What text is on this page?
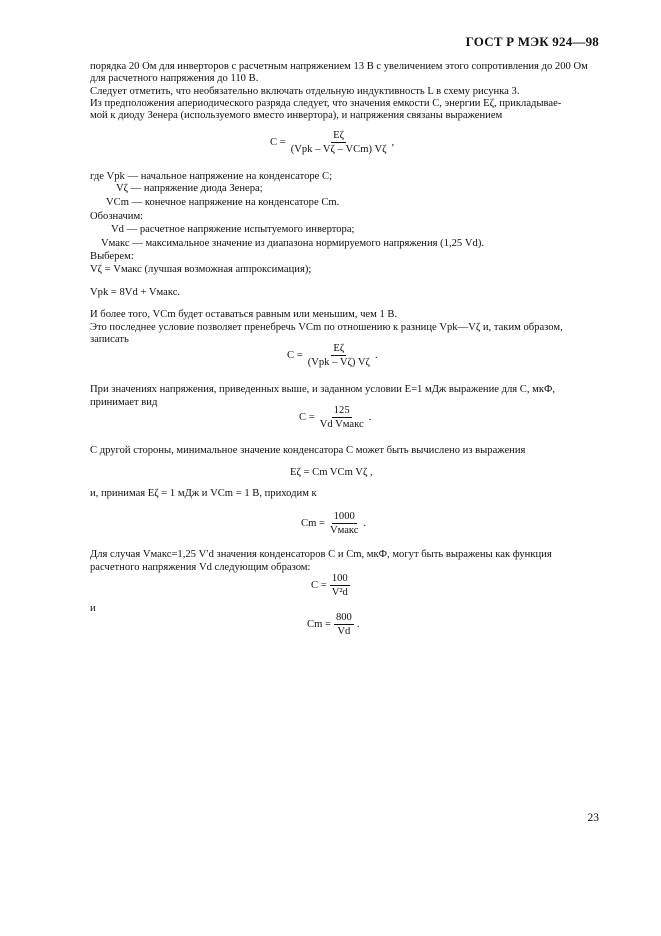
ГОСТ Р МЭК 924—98
порядка 20 Ом для инверторов с расчетным напряжением 13 В с увеличением этого сопротивления до 200 Ом
для расчетного напряжения до 110 В.
Следует отметить, что необязательно включать отдельную индуктивность L в схему рисунка 3.
Из предположения апериодического разряда следует, что значения емкости C, энергии Eζ, прикладывае-
мой к диоду Зенера (используемого вместо инвертора), и напряжения связаны выражением
$C = \frac{E\zeta}{\text{(Vpk – Vζ – VCm) Vζ}}$ ,
где Vpk — начальное напряжение на конденсаторе C;
Vζ — напряжение диода Зенера;
VCm — конечное напряжение на конденсаторе Cm.
Обозначим:
Vd — расчетное напряжение испытуемого инвертора;
Vмакс — максимальное значение из диапазона нормируемого напряжения (1,25 Vd).
Выберем:
Vζ = Vмакс (лучшая возможная аппроксимация);
Vpk = 8Vd + Vмакс.
И более того, VCm будет оставаться равным или меньшим, чем 1 В.
Это последнее условие позволяет пренебречь VCm по отношению к разнице Vpk—Vζ и, таким образом,
записать
$C = \frac{E\zeta}{\text{(Vpk – Vζ) Vζ}}$ .
При значениях напряжения, приведенных выше, и заданном условии E=1 мДж выражение для C, мкФ,
принимает вид
$C = \frac{125}{\text{Vd Vмакс}}$ .
С другой стороны, минимальное значение конденсатора C может быть вычислено из выражения
Eζ = Cm VCm Vζ ,
и, принимая Eζ = 1 мДж и VCm = 1 В, приходим к
$Cm = \frac{1000}{\text{Vмакс}}$ .
Для случая Vмакс=1,25 V′d значения конденсаторов C и Cm, мкФ, могут быть выражены как функция
расчетного напряжения Vd следующим образом:
$C = \frac{100}{\text{V²d}}$
и
$Cm = \frac{800}{Vd}$ .
23
